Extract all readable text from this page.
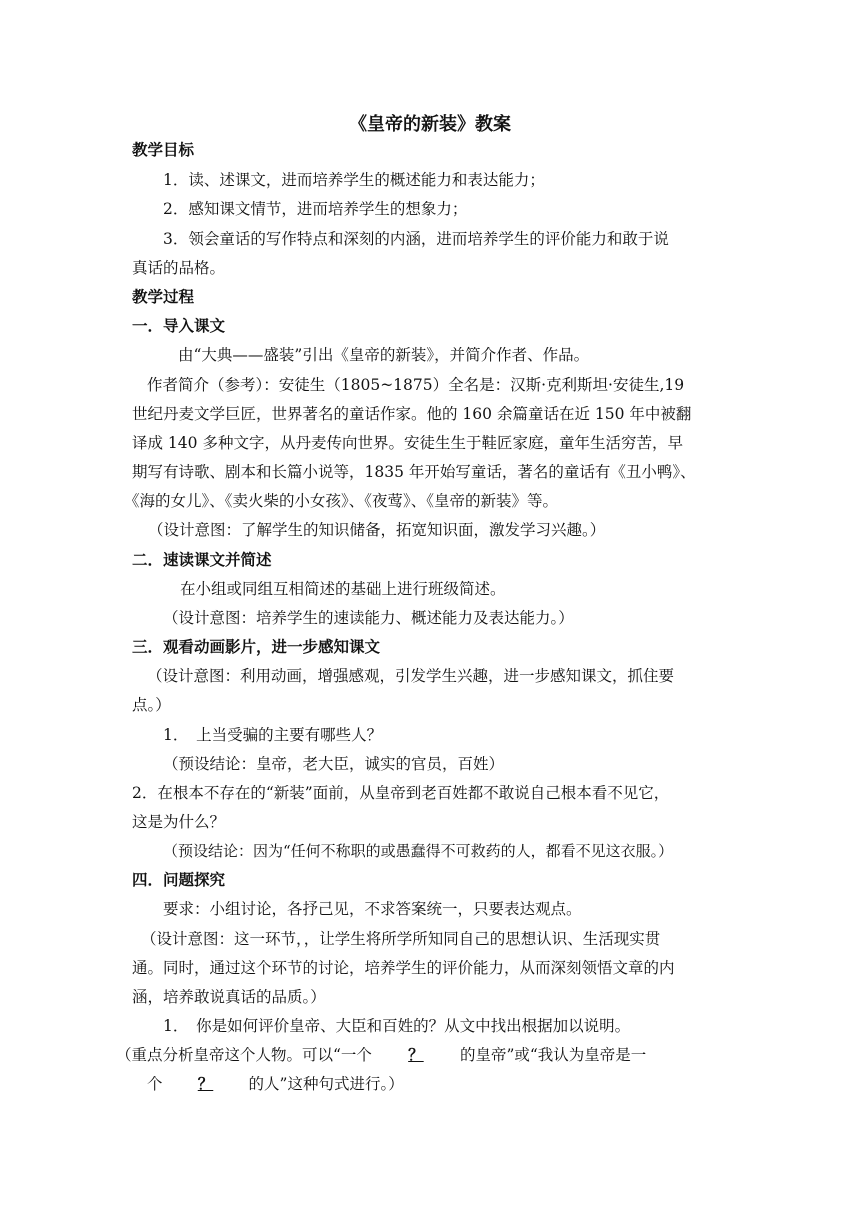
《皇帝的新装》教案
教学目标
1．读、述课文，进而培养学生的概述能力和表达能力；
2．感知课文情节，进而培养学生的想象力；
3．领会童话的写作特点和深刻的内涵，进而培养学生的评价能力和敢于说
真话的品格。
教学过程
一．导入课文
由“大典——盛装”引出《皇帝的新装》，并简介作者、作品。
作者简介（参考）：安徒生（1805~1875）全名是：汉斯·克利斯坦·安徒生,19
世纪丹麦文学巨匠，世界著名的童话作家。他的 160 余篇童话在近 150 年中被翻
译成 140 多种文字，从丹麦传向世界。安徒生生于鞋匠家庭，童年生活穷苦，早
期写有诗歌、剧本和长篇小说等，1835 年开始写童话，著名的童话有《丑小鸭》、
《海的女儿》、《卖火柴的小女孩》、《夜莺》、《皇帝的新装》等。
（设计意图：了解学生的知识储备，拓宽知识面，激发学习兴趣。）
二．速读课文并简述
在小组或同组互相简述的基础上进行班级简述。
（设计意图：培养学生的速读能力、概述能力及表达能力。）
三．观看动画影片，进一步感知课文
（设计意图：利用动画，增强感观，引发学生兴趣，进一步感知课文，抓住要
点。）
1．　上当受骗的主要有哪些人？
（预设结论：皇帝，老大臣，诚实的官员，百姓）
2．在根本不存在的“新装”面前，从皇帝到老百姓都不敢说自己根本看不见它，
这是为什么？
（预设结论：因为“任何不称职的或愚蠢得不可救药的人，都看不见这衣服。）
四．问题探究
要求：小组讨论，各抒己见，不求答案统一，只要表达观点。
（设计意图：这一环节，，让学生将所学所知同自己的思想认识、生活现实贯
通。同时，通过这个环节的讨论，培养学生的评价能力，从而深刻领悟文章的内
涵，培养敢说真话的品质。）
1．　你是如何评价皇帝、大臣和百姓的？从文中找出根据加以说明。
（重点分析皇帝这个人物。可以“一个 ？ 的皇帝”或“我认为皇帝是一
个 ？ 的人”这种句式进行。）
